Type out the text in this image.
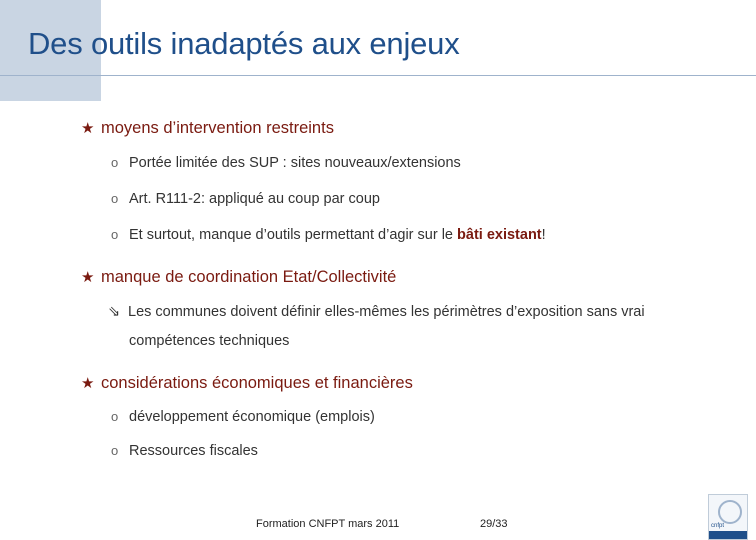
Des outils inadaptés aux enjeux
★ moyens d’intervention restreints
o Portée limitée des SUP : sites nouveaux/extensions
o Art. R111-2: appliqué au coup par coup
o Et surtout, manque d’outils permettant d’agir sur le bâti existant!
★ manque de coordination Etat/Collectivité
⇘ Les communes doivent définir elles-mêmes les périmètres d’exposition sans vrai
compétences techniques
★ considérations économiques et financières
o développement économique (emplois)
o Ressources fiscales
Formation CNFPT mars 2011	29/33	cnfpt
